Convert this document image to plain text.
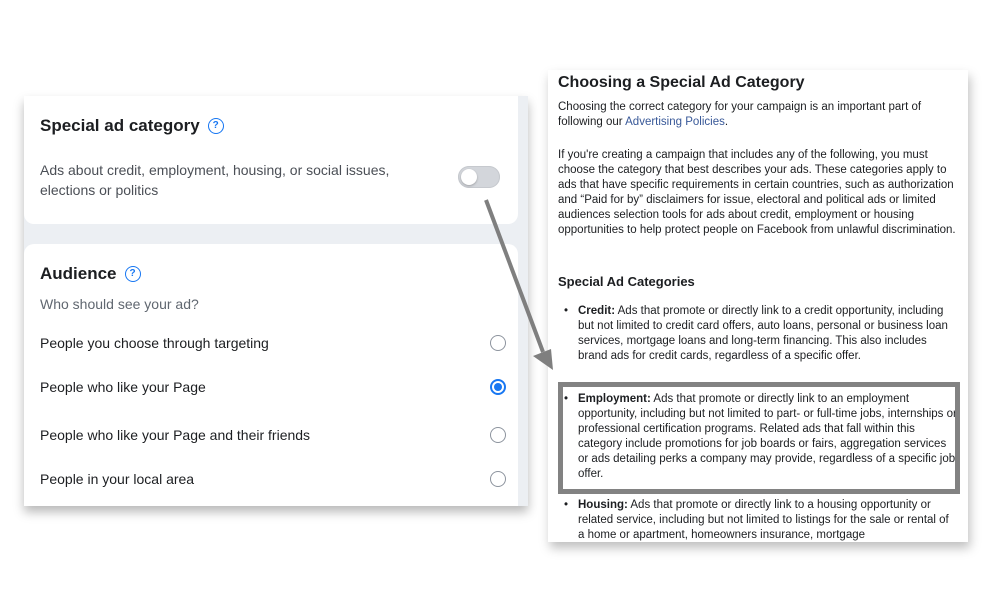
Special ad category	?
Ads about credit, employment, housing, or social issues, elections or politics
Audience	?
Who should see your ad?
People you choose through targeting
People who like your Page
People who like your Page and their friends
People in your local area
Choosing a Special Ad Category
Choosing the correct category for your campaign is an important part of following our Advertising Policies.
If you're creating a campaign that includes any of the following, you must choose the category that best describes your ads. These categories apply to ads that have specific requirements in certain countries, such as authorization and “Paid for by” disclaimers for issue, electoral and political ads or limited audiences selection tools for ads about credit, employment or housing opportunities to help protect people on Facebook from unlawful discrimination.
Special Ad Categories
• Credit: Ads that promote or directly link to a credit opportunity, including but not limited to credit card offers, auto loans, personal or business loan services, mortgage loans and long-term financing. This also includes brand ads for credit cards, regardless of a specific offer.
• Employment: Ads that promote or directly link to an employment opportunity, including but not limited to part- or full-time jobs, internships or professional certification programs. Related ads that fall within this category include promotions for job boards or fairs, aggregation services or ads detailing perks a company may provide, regardless of a specific job offer.
• Housing: Ads that promote or directly link to a housing opportunity or related service, including but not limited to listings for the sale or rental of a home or apartment, homeowners insurance, mortgage
